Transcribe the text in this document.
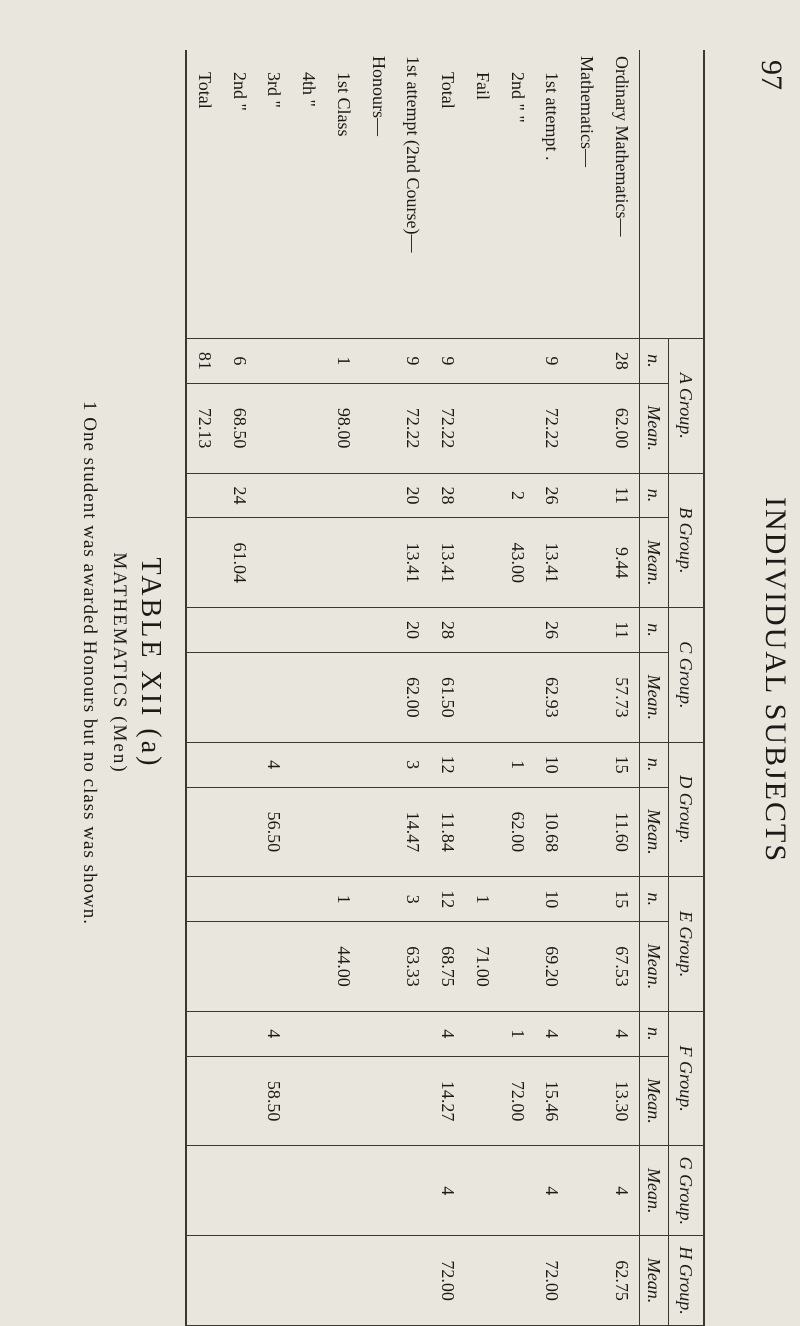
97
INDIVIDUAL SUBJECTS
	A Group.		B Group.		C Group.		D Group.		E Group.		F Group.		G Group.	H Group.
	n.	Mean.	n.	Mean.	n.	Mean.	n.	Mean.	n.	Mean.	n.	Mean.	Mean.	Mean.
Ordinary Mathematics—	28	62.00	11	9.44	11	57.73	15	11.60	15	67.53	4	13.30	4	62.75
Mathematics—														
1st attempt .	9	72.22	26	13.41	26	62.93	10	10.68	10	69.20	4	15.46	4	72.00
2nd " "			2	43.00			1	62.00			1	72.00		
Fail									1	71.00				
Total	9	72.22	28	13.41	28	61.50	12	11.84	12	68.75	4	14.27	4	72.00
1st attempt (2nd Course)—	9	72.22	20	13.41	20	62.00	3	14.47	3	63.33				
Honours—														
1st Class	1	98.00							1	44.00				
4th "														
3rd "							4	56.50			4	58.50		
2nd "	6	68.50	24	61.04										
Total	81	72.13												
TABLE XII (a)
MATHEMATICS (Men)
1 One student was awarded Honours but no class was shown.
